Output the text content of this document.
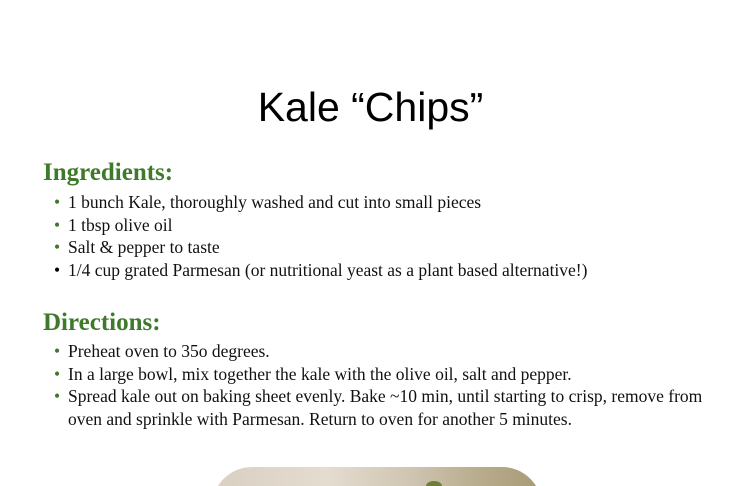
Kale “Chips”
Ingredients:
• 1 bunch Kale, thoroughly washed and cut into small pieces
• 1 tbsp olive oil
• Salt & pepper to taste
• 1/4 cup grated Parmesan (or nutritional yeast as a plant based alternative!)
Directions:
• Preheat oven to 35o degrees.
• In a large bowl, mix together the kale with the olive oil, salt and pepper.
• Spread kale out on baking sheet evenly. Bake ~10 min, until starting to crisp, remove from oven and sprinkle with Parmesan. Return to oven for another 5 minutes.
